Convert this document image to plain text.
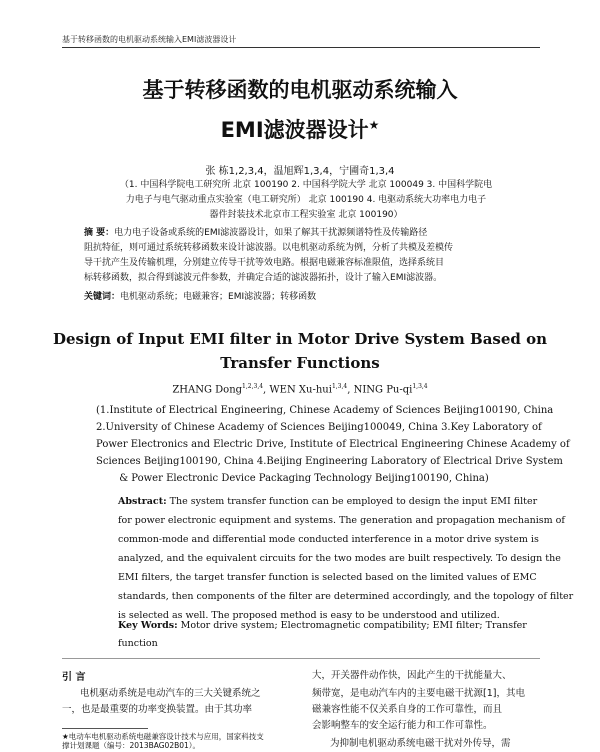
基于转移函数的电机驱动系统输入EMI滤波器设计
基于转移函数的电机驱动系统输入
EMI滤波器设计★
张 栋1,2,3,4，温旭辉1,3,4，宁圃奇1,3,4
（1. 中国科学院电工研究所 北京 100190 2. 中国科学院大学 北京 100049 3. 中国科学院电
力电子与电气驱动重点实验室（电工研究所） 北京 100190 4. 电驱动系统大功率电力电子
器件封装技术北京市工程实验室 北京 100190）
摘 要：电力电子设备或系统的EMI滤波器设计，如果了解其干扰源频谱特性及传输路径
阻抗特征，则可通过系统转移函数来设计滤波器。以电机驱动系统为例，分析了共模及差模传
导干扰产生及传输机理，分别建立传导干扰等效电路。根据电磁兼容标准限值，选择系统目
标转移函数，拟合得到滤波元件参数，并确定合适的滤波器拓扑，设计了输入EMI滤波器。
关键词：电机驱动系统；电磁兼容；EMI滤波器；转移函数
Design of Input EMI filter in Motor Drive System Based on
Transfer Functions
ZHANG Dong$^{1,2,3,4}$, WEN Xu-hui$^{1,3,4}$, NING Pu-qi$^{1,3,4}$
(1.Institute of Electrical Engineering, Chinese Academy of Sciences Beijing100190, China
2.University of Chinese Academy of Sciences Beijing100049, China 3.Key Laboratory of
Power Electronics and Electric Drive, Institute of Electrical Engineering Chinese Academy of
Sciences Beijing100190, China 4.Beijing Engineering Laboratory of Electrical Drive System
& Power Electronic Device Packaging Technology Beijing100190, China)
Abstract: The system transfer function can be employed to design the input EMI filter
for power electronic equipment and systems. The generation and propagation mechanism of
common-mode and differential mode conducted interference in a motor drive system is
analyzed, and the equivalent circuits for the two modes are built respectively. To design the
EMI filters, the target transfer function is selected based on the limited values of EMC
standards, then components of the filter are determined accordingly, and the topology of filter
is selected as well. The proposed method is easy to be understood and utilized.
Key Words: Motor drive system; Electromagnetic compatibility; EMI filter; Transfer
function
引 言
电机驱动系统是电动汽车的三大关键系统之
一，也是最重要的功率变换装置。由于其功率
★电动车电机驱动系统电磁兼容设计技术与应用，国家科技支
撑计划课题（编号：2013BAG02B01）。
大，开关器件动作快，因此产生的干扰能量大、
频带宽，是电动汽车内的主要电磁干扰源[1]，其电
磁兼容性能不仅关系自身的工作可靠性，而且
会影响整车的安全运行能力和工作可靠性。
为抑制电机驱动系统电磁干扰对外传导，需
